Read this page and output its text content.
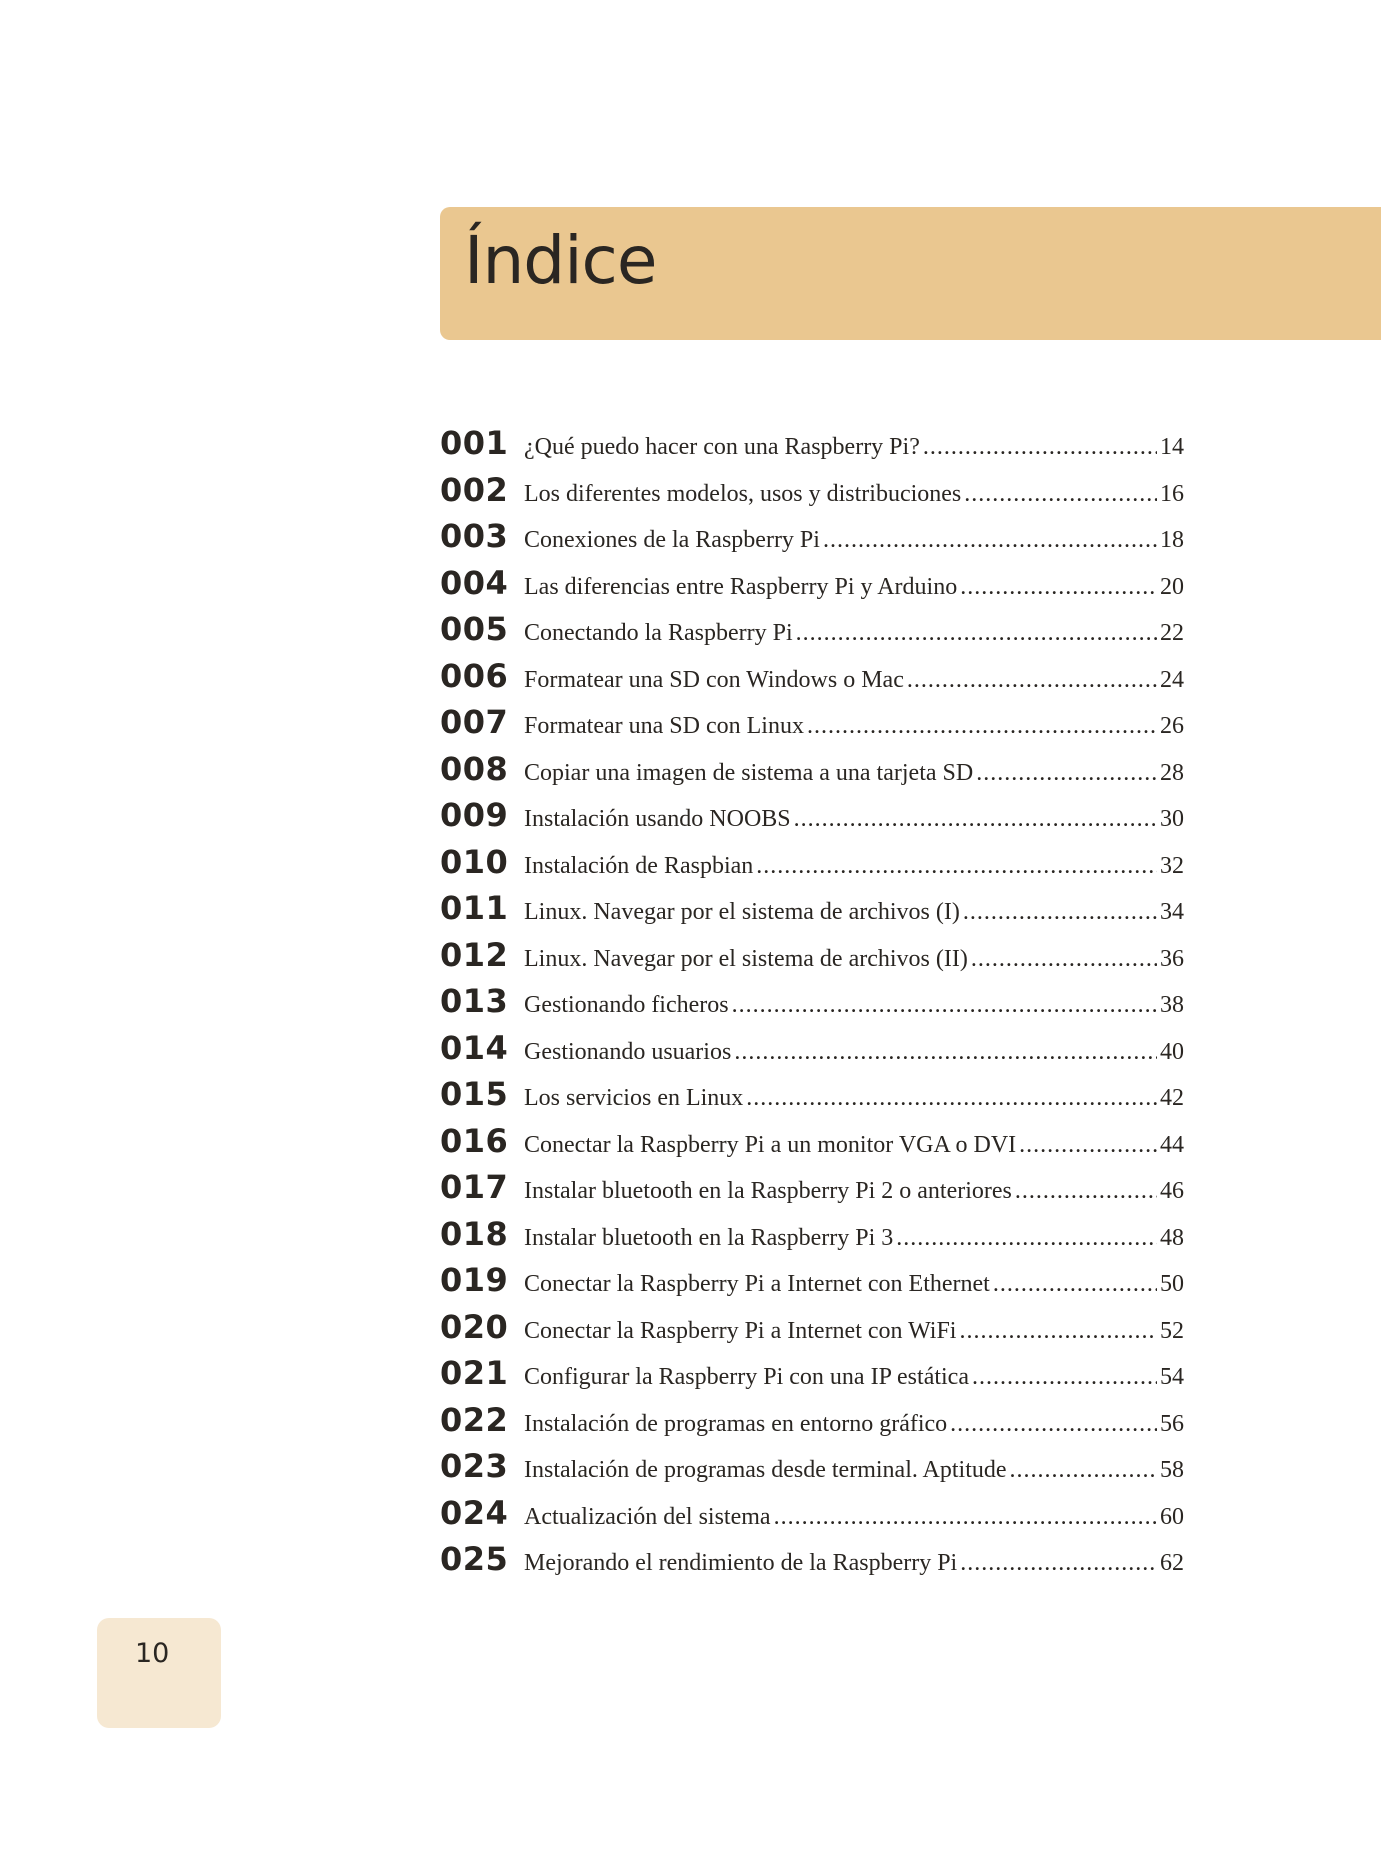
Índice
001 ¿Qué puedo hacer con una Raspberry Pi? .....	14
002 Los diferentes modelos, usos y distribuciones .....	16
003 Conexiones de la Raspberry Pi .....	18
004 Las diferencias entre Raspberry Pi y Arduino .....	20
005 Conectando la Raspberry Pi .....	22
006 Formatear una SD con Windows o Mac .....	24
007 Formatear una SD con Linux .....	26
008 Copiar una imagen de sistema a una tarjeta SD .....	28
009 Instalación usando NOOBS .....	30
010 Instalación de Raspbian .....	32
011 Linux. Navegar por el sistema de archivos (I) .....	34
012 Linux. Navegar por el sistema de archivos (II) .....	36
013 Gestionando ficheros .....	38
014 Gestionando usuarios .....	40
015 Los servicios en Linux .....	42
016 Conectar la Raspberry Pi a un monitor VGA o DVI .....	44
017 Instalar bluetooth en la Raspberry Pi 2 o anteriores .....	46
018 Instalar bluetooth en la Raspberry Pi 3 .....	48
019 Conectar la Raspberry Pi a Internet con Ethernet .....	50
020 Conectar la Raspberry Pi a Internet con WiFi .....	52
021 Configurar la Raspberry Pi con una IP estática .....	54
022 Instalación de programas en entorno gráfico .....	56
023 Instalación de programas desde terminal. Aptitude .....	58
024 Actualización del sistema .....	60
025 Mejorando el rendimiento de la Raspberry Pi .....	62
10
